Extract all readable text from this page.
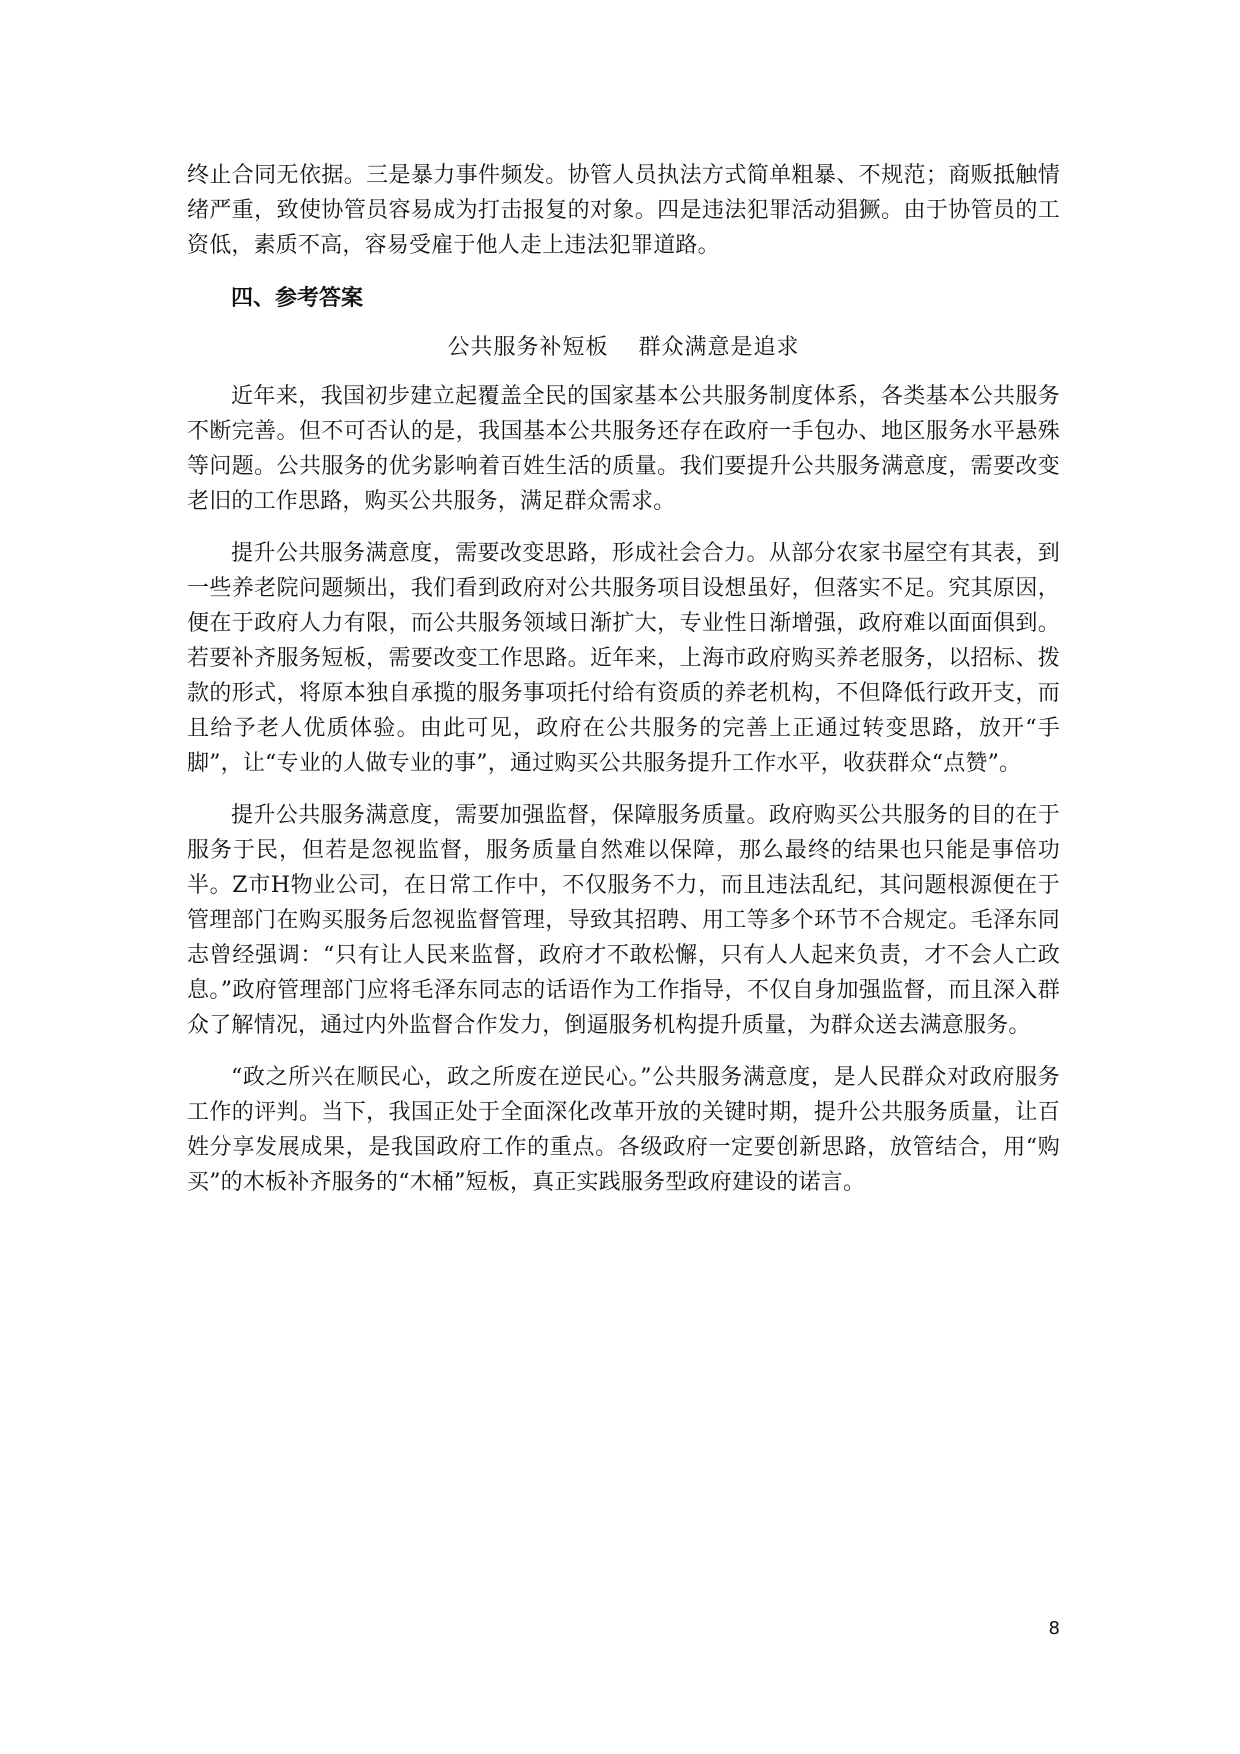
终止合同无依据。三是暴力事件频发。协管人员执法方式简单粗暴、不规范；商贩抵触情绪严重，致使协管员容易成为打击报复的对象。四是违法犯罪活动猖獗。由于协管员的工资低，素质不高，容易受雇于他人走上违法犯罪道路。

四、参考答案
公共服务补短板 群众满意是追求

近年来，我国初步建立起覆盖全民的国家基本公共服务制度体系，各类基本公共服务不断完善。但不可否认的是，我国基本公共服务还存在政府一手包办、地区服务水平悬殊等问题。公共服务的优劣影响着百姓生活的质量。我们要提升公共服务满意度，需要改变老旧的工作思路，购买公共服务，满足群众需求。

提升公共服务满意度，需要改变思路，形成社会合力。从部分农家书屋空有其表，到一些养老院问题频出，我们看到政府对公共服务项目设想虽好，但落实不足。究其原因，便在于政府人力有限，而公共服务领域日渐扩大，专业性日渐增强，政府难以面面俱到。若要补齐服务短板，需要改变工作思路。近年来，上海市政府购买养老服务，以招标、拨款的形式，将原本独自承揽的服务事项托付给有资质的养老机构，不但降低行政开支，而且给予老人优质体验。由此可见，政府在公共服务的完善上正通过转变思路，放开“手脚”，让“专业的人做专业的事”，通过购买公共服务提升工作水平，收获群众“点赞”。

提升公共服务满意度，需要加强监督，保障服务质量。政府购买公共服务的目的在于服务于民，但若是忽视监督，服务质量自然难以保障，那么最终的结果也只能是事倍功半。Z市H物业公司，在日常工作中，不仅服务不力，而且违法乱纪，其问题根源便在于管理部门在购买服务后忽视监督管理，导致其招聘、用工等多个环节不合规定。毛泽东同志曾经强调：“只有让人民来监督，政府才不敢松懈，只有人人起来负责，才不会人亡政息。”政府管理部门应将毛泽东同志的话语作为工作指导，不仅自身加强监督，而且深入群众了解情况，通过内外监督合作发力，倒逼服务机构提升质量，为群众送去满意服务。

“政之所兴在顺民心，政之所废在逆民心。”公共服务满意度，是人民群众对政府服务工作的评判。当下，我国正处于全面深化改革开放的关键时期，提升公共服务质量，让百姓分享发展成果，是我国政府工作的重点。各级政府一定要创新思路，放管结合，用“购买”的木板补齐服务的“木桶”短板，真正实践服务型政府建设的诺言。

8
